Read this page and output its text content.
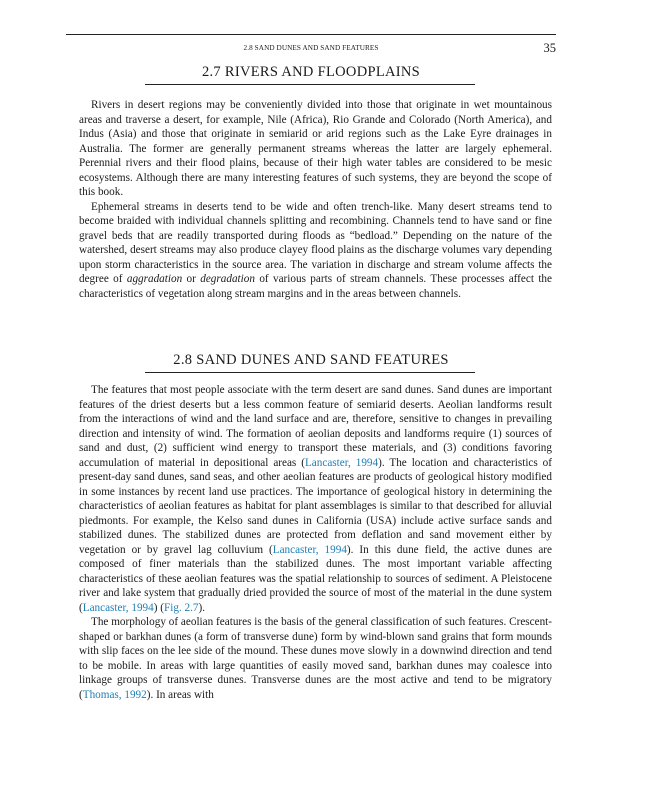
2.8 SAND DUNES AND SAND FEATURES	35
2.7 RIVERS AND FLOODPLAINS

Rivers in desert regions may be conveniently divided into those that originate in wet mountainous areas and traverse a desert, for example, Nile (Africa), Rio Grande and Colorado (North America), and Indus (Asia) and those that originate in semiarid or arid regions such as the Lake Eyre drainages in Australia. The former are generally permanent streams whereas the latter are largely ephemeral. Perennial rivers and their flood plains, because of their high water tables are considered to be mesic ecosystems. Although there are many interesting features of such systems, they are beyond the scope of this book.

Ephemeral streams in deserts tend to be wide and often trench-like. Many desert streams tend to become braided with individual channels splitting and recombining. Channels tend to have sand or fine gravel beds that are readily transported during floods as “bedload.” Depending on the nature of the watershed, desert streams may also produce clayey flood plains as the discharge volumes vary depending upon storm characteristics in the source area. The variation in discharge and stream volume affects the degree of aggradation or degradation of various parts of stream channels. These processes affect the characteristics of vegetation along stream margins and in the areas between channels.

2.8 SAND DUNES AND SAND FEATURES

The features that most people associate with the term desert are sand dunes. Sand dunes are important features of the driest deserts but a less common feature of semiarid deserts. Aeolian landforms result from the interactions of wind and the land surface and are, therefore, sensitive to changes in prevailing direction and intensity of wind. The formation of aeolian deposits and landforms require (1) sources of sand and dust, (2) sufficient wind energy to transport these materials, and (3) conditions favoring accumulation of material in depositional areas (Lancaster, 1994). The location and characteristics of present-day sand dunes, sand seas, and other aeolian features are products of geological history modified in some instances by recent land use practices. The importance of geological history in determining the characteristics of aeolian features as habitat for plant assemblages is similar to that described for alluvial piedmonts. For example, the Kelso sand dunes in California (USA) include active surface sands and stabilized dunes. The stabilized dunes are protected from deflation and sand movement either by vegetation or by gravel lag colluvium (Lancaster, 1994). In this dune field, the active dunes are composed of finer materials than the stabilized dunes. The most important variable affecting characteristics of these aeolian features was the spatial relationship to sources of sediment. A Pleistocene river and lake system that gradually dried provided the source of most of the material in the dune system (Lancaster, 1994) (Fig. 2.7).

The morphology of aeolian features is the basis of the general classification of such features. Crescent-shaped or barkhan dunes (a form of transverse dune) form by wind-blown sand grains that form mounds with slip faces on the lee side of the mound. These dunes move slowly in a downwind direction and tend to be mobile. In areas with large quantities of easily moved sand, barkhan dunes may coalesce into linkage groups of transverse dunes. Transverse dunes are the most active and tend to be migratory (Thomas, 1992). In areas with
